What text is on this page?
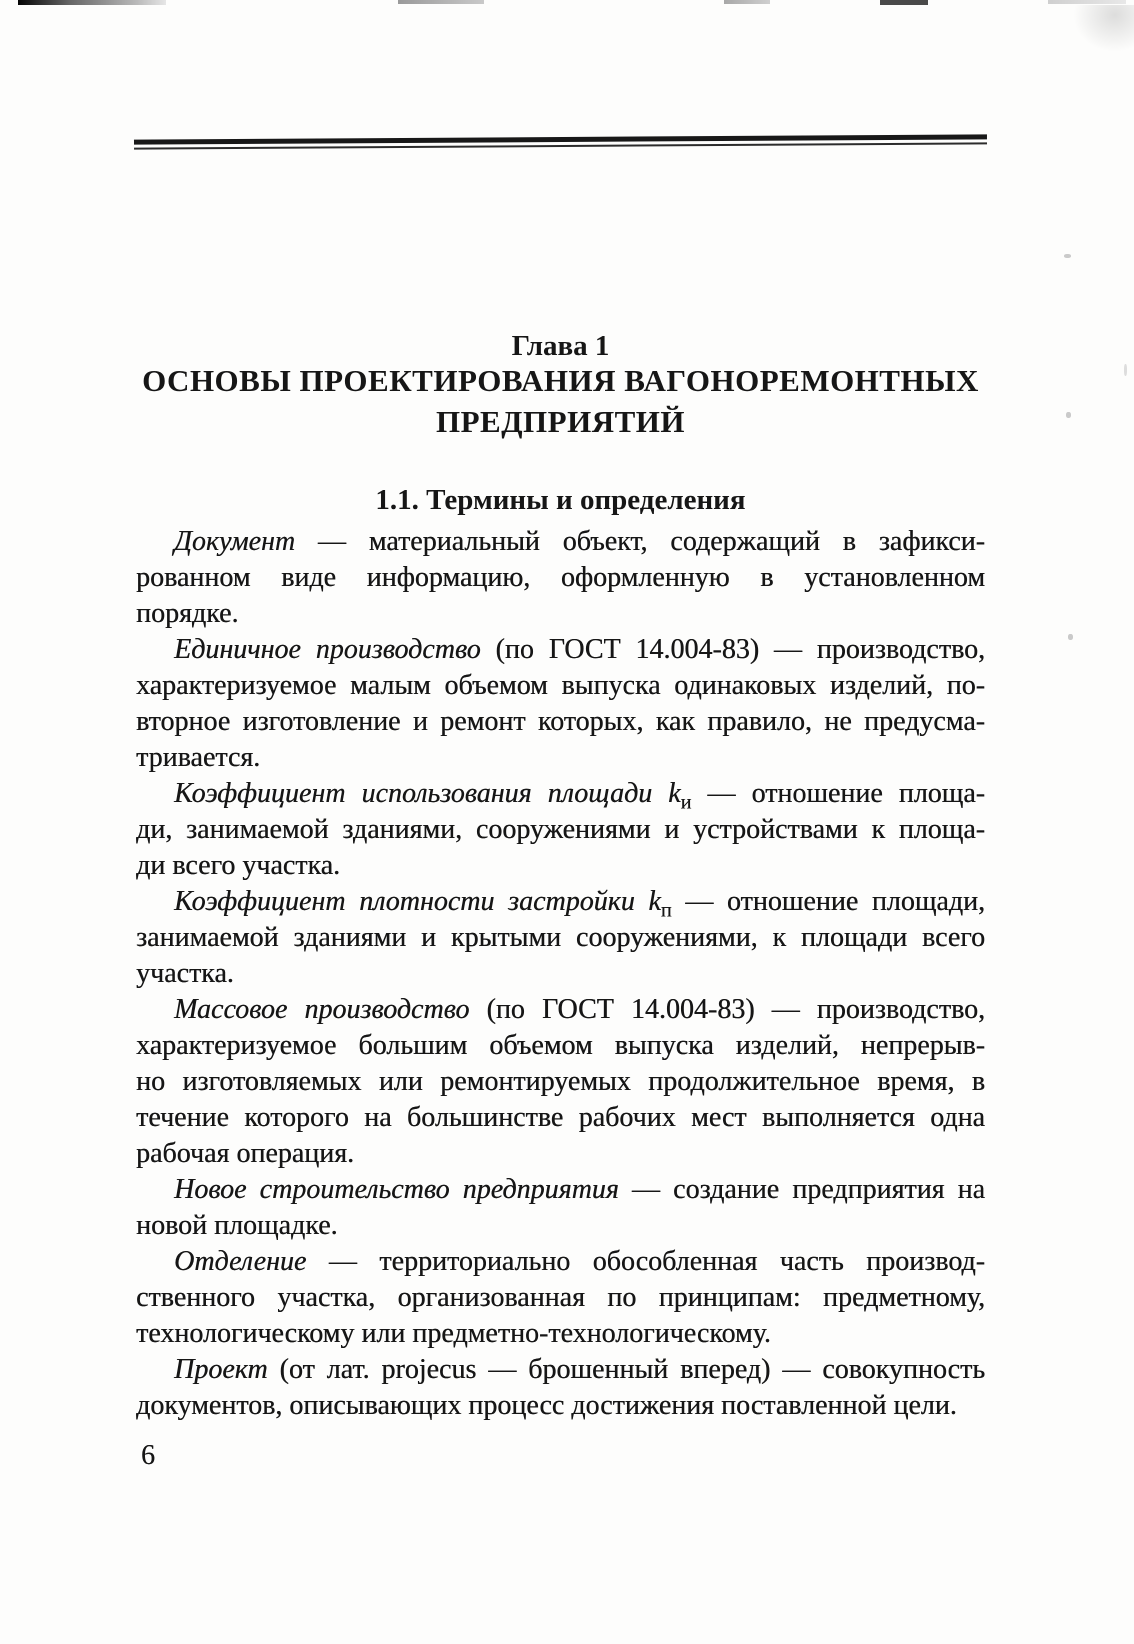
Глава 1
ОСНОВЫ ПРОЕКТИРОВАНИЯ ВАГОНОРЕМОНТНЫХ
ПРЕДПРИЯТИЙ
1.1. Термины и определения
Документ — материальный объект, содержащий в зафикси-
рованном виде информацию, оформленную в установленном
порядке.
Единичное производство (по ГОСТ 14.004-83) — производство,
характеризуемое малым объемом выпуска одинаковых изделий, по-
вторное изготовление и ремонт которых, как правило, не предусма-
тривается.
Коэффициент использования площади $k_и$ — отношение площа-
ди, занимаемой зданиями, сооружениями и устройствами к площа-
ди всего участка.
Коэффициент плотности застройки $k_п$ — отношение площади,
занимаемой зданиями и крытыми сооружениями, к площади всего
участка.
Массовое производство (по ГОСТ 14.004-83) — производство,
характеризуемое большим объемом выпуска изделий, непрерыв-
но изготовляемых или ремонтируемых продолжительное время, в
течение которого на большинстве рабочих мест выполняется одна
рабочая операция.
Новое строительство предприятия — создание предприятия на
новой площадке.
Отделение — территориально обособленная часть производ-
ственного участка, организованная по принципам: предметному,
технологическому или предметно-технологическому.
Проект (от лат. projecus — брошенный вперед) — совокупность
документов, описывающих процесс достижения поставленной цели.
6
